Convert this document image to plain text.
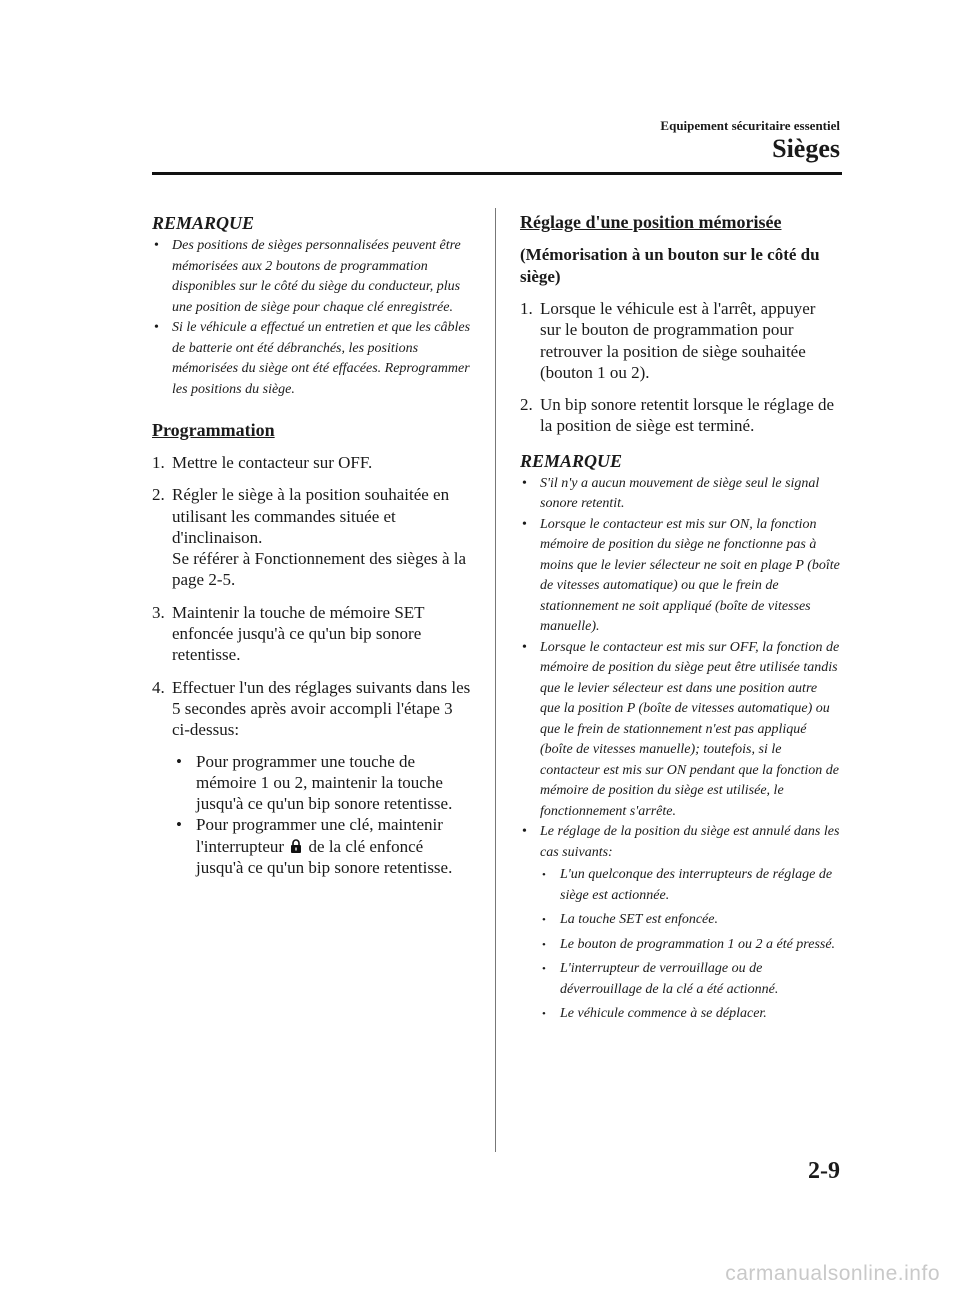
Equipement sécuritaire essentiel
Sièges
REMARQUE
• Des positions de sièges personnalisées peuvent être mémorisées aux 2 boutons de programmation disponibles sur le côté du siège du conducteur, plus une position de siège pour chaque clé enregistrée.
• Si le véhicule a effectué un entretien et que les câbles de batterie ont été débranchés, les positions mémorisées du siège ont été effacées. Reprogrammer les positions du siège.
Programmation
1. Mettre le contacteur sur OFF.
2. Régler le siège à la position souhaitée en utilisant les commandes située et d'inclinaison.
Se référer à Fonctionnement des sièges à la page 2-5.
3. Maintenir la touche de mémoire SET enfoncée jusqu'à ce qu'un bip sonore retentisse.
4. Effectuer l'un des réglages suivants dans les 5 secondes après avoir accompli l'étape 3 ci-dessus:
• Pour programmer une touche de mémoire 1 ou 2, maintenir la touche jusqu'à ce qu'un bip sonore retentisse.
• Pour programmer une clé, maintenir l'interrupteur de la clé enfoncé jusqu'à ce qu'un bip sonore retentisse.
Réglage d'une position mémorisée
(Mémorisation à un bouton sur le côté du siège)
1. Lorsque le véhicule est à l'arrêt, appuyer sur le bouton de programmation pour retrouver la position de siège souhaitée (bouton 1 ou 2).
2. Un bip sonore retentit lorsque le réglage de la position de siège est terminé.
REMARQUE
• S'il n'y a aucun mouvement de siège seul le signal sonore retentit.
• Lorsque le contacteur est mis sur ON, la fonction mémoire de position du siège ne fonctionne pas à moins que le levier sélecteur ne soit en plage P (boîte de vitesses automatique) ou que le frein de stationnement ne soit appliqué (boîte de vitesses manuelle).
• Lorsque le contacteur est mis sur OFF, la fonction de mémoire de position du siège peut être utilisée tandis que le levier sélecteur est dans une position autre que la position P (boîte de vitesses automatique) ou que le frein de stationnement n'est pas appliqué (boîte de vitesses manuelle); toutefois, si le contacteur est mis sur ON pendant que la fonction de mémoire de position du siège est utilisée, le fonctionnement s'arrête.
• Le réglage de la position du siège est annulé dans les cas suivants:
• L'un quelconque des interrupteurs de réglage de siège est actionnée.
• La touche SET est enfoncée.
• Le bouton de programmation 1 ou 2 a été pressé.
• L'interrupteur de verrouillage ou de déverrouillage de la clé a été actionné.
• Le véhicule commence à se déplacer.
2-9
carmanualsonline.info
